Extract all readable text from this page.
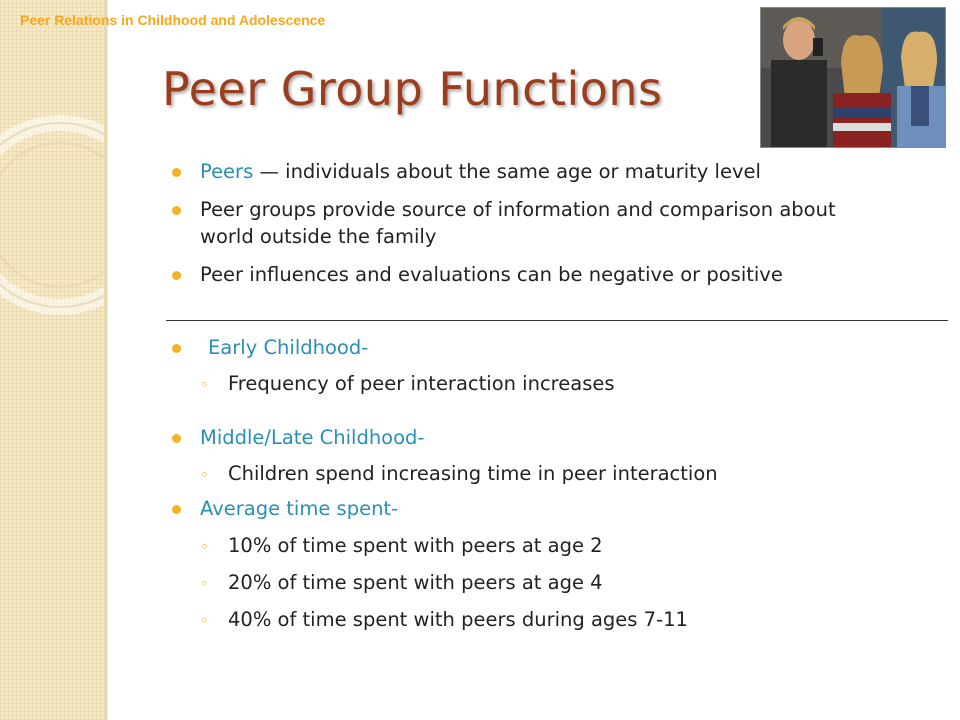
Peer Relations in Childhood and Adolescence
Peer Group Functions
Peers — individuals about the same age or maturity level
Peer groups provide source of information and comparison about
world outside the family
Peer influences and evaluations can be negative or positive
Early Childhood-
◦ Frequency of peer interaction increases
Middle/Late Childhood-
◦ Children spend increasing time in peer interaction
Average time spent-
◦ 10% of time spent with peers at age 2
◦ 20% of time spent with peers at age 4
◦ 40% of time spent with peers during ages 7-11
